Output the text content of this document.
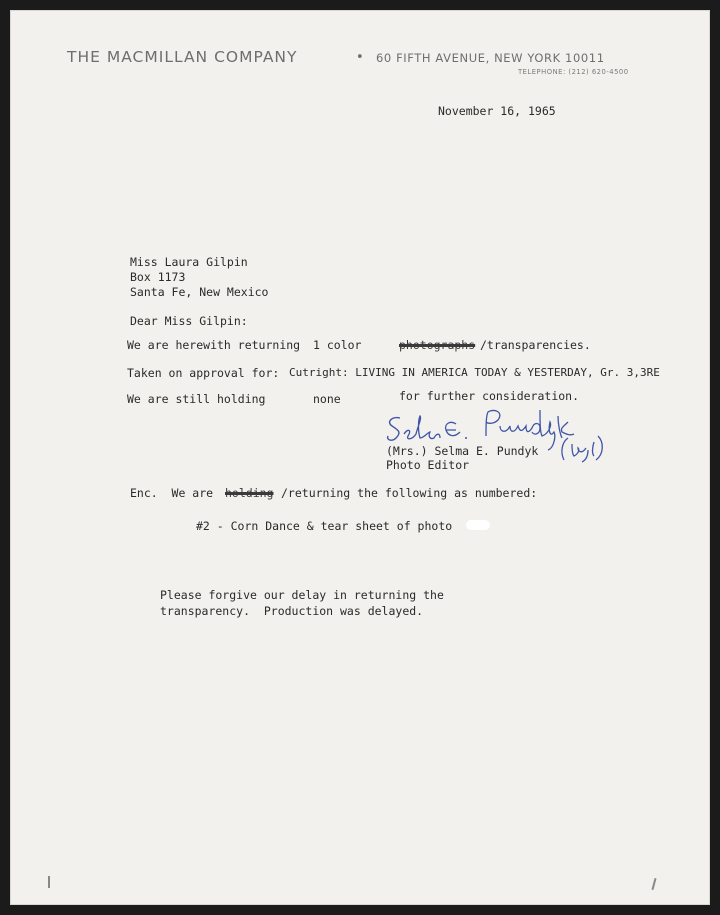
THE MACMILLAN COMPANY	• 60 FIFTH AVENUE, NEW YORK 10011
TELEPHONE: (212) 620-4500
November 16, 1965
Miss Laura Gilpin
Box 1173
Santa Fe, New Mexico
Dear Miss Gilpin:
We are herewith returning 1 color	photographs /transparencies.
Taken on approval for: Cutright: LIVING IN AMERICA TODAY & YESTERDAY, Gr. 3,3RE
We are still holding	none	for further consideration.
(Mrs.) Selma E. Pundyk
Photo Editor
Enc.  We are holding /returning the following as numbered:
#2 - Corn Dance & tear sheet of photo
Please forgive our delay in returning the
transparency.  Production was delayed.
